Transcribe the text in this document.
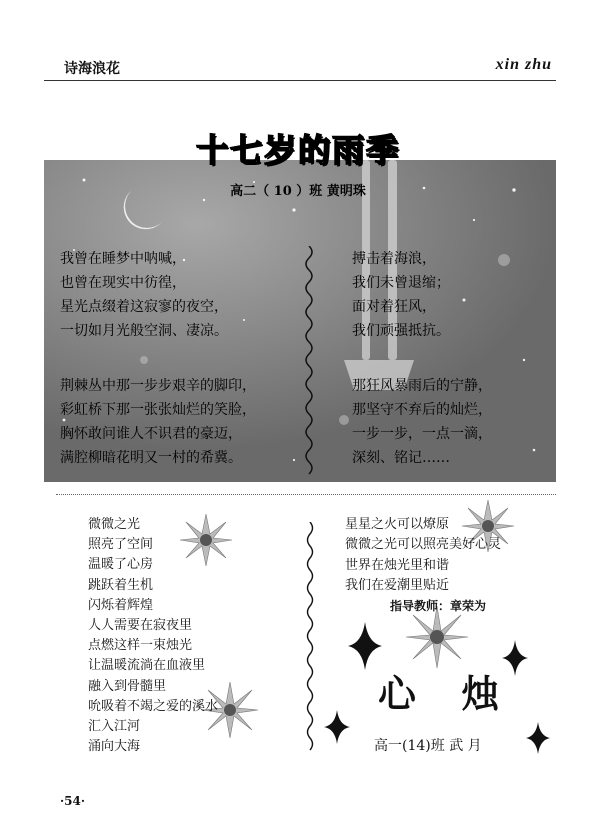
诗海浪花	xin zhu
十七岁的雨季
高二（ 10 ）班 黄明珠
我曾在睡梦中呐喊，
也曾在现实中彷徨，
星光点缀着这寂寥的夜空，
一切如月光般空洞、凄凉。
荆棘丛中那一步步艰辛的脚印，
彩虹桥下那一张张灿烂的笑脸，
胸怀敢问谁人不识君的豪迈，
满腔柳暗花明又一村的希冀。
搏击着海浪，
我们未曾退缩；
面对着狂风，
我们顽强抵抗。
那狂风暴雨后的宁静，
那坚守不弃后的灿烂，
一步一步，一点一滴，
深刻、铭记……
微微之光
照亮了空间
温暖了心房
跳跃着生机
闪烁着辉煌
人人需要在寂夜里
点燃这样一束烛光
让温暖流淌在血液里
融入到骨髓里
吮吸着不竭之爱的溪水
汇入江河
涌向大海
星星之火可以燎原
微微之光可以照亮美好心灵
世界在烛光里和谐
我们在爱潮里贴近
指导教师：章荣为
心 烛
高一(14)班 武 月
·54·
